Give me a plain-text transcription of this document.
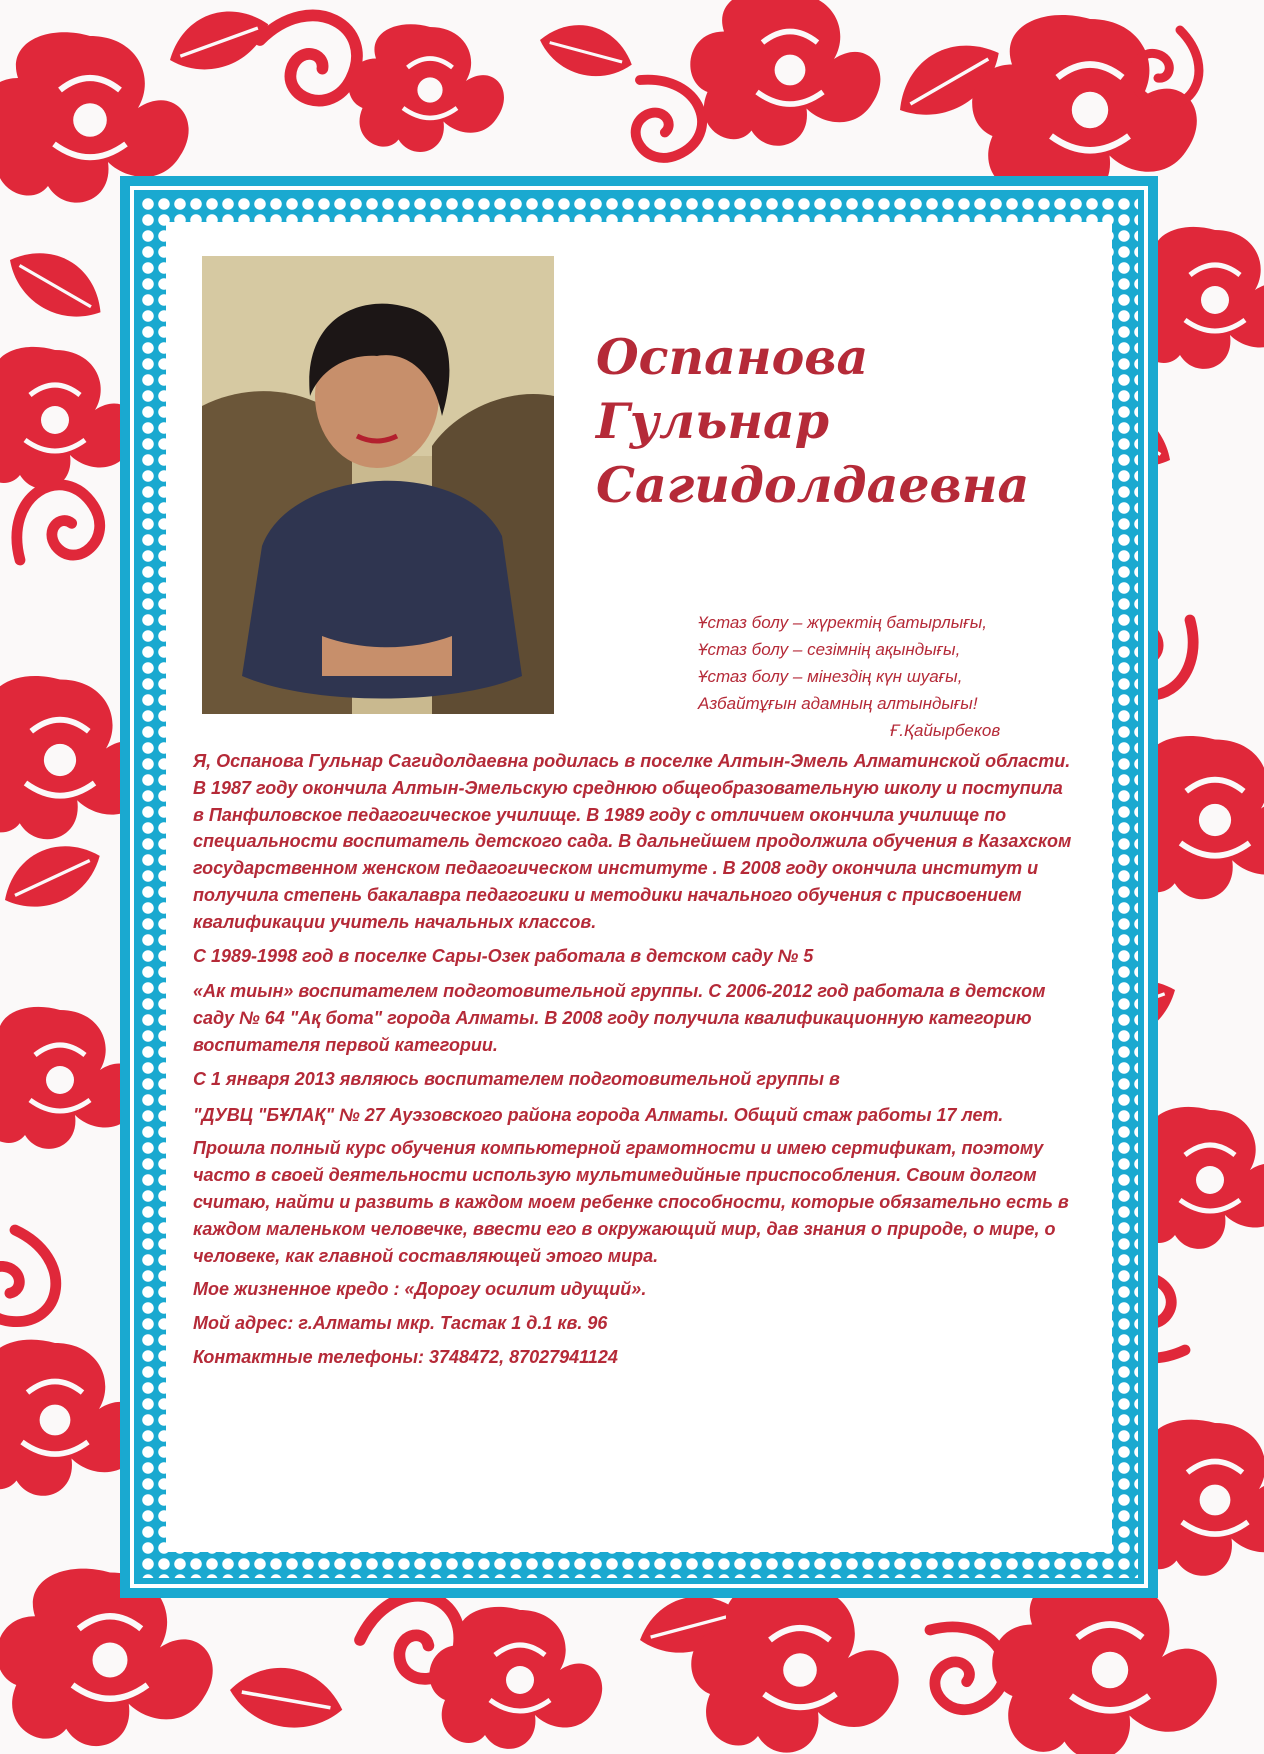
Оспанова
Гульнар
Сагидолдаевна
Ұстаз болу – жүректің батырлығы,
Ұстаз болу – сезімнің ақындығы,
Ұстаз болу – мінездің күн шуағы,
Азбайтұғын адамның алтындығы!
Ғ.Қайырбеков

Я, Оспанова Гульнар Сагидолдаевна родилась в поселке Алтын-Эмель Алматинской области. В 1987 году окончила Алтын-Эмельскую среднюю общеобразовательную школу и поступила в Панфиловское педагогическое училище. В 1989 году с отличием окончила училище по специальности воспитатель детского сада. В дальнейшем продолжила обучения в Казахском государственном женском педагогическом институте . В 2008 году окончила институт и получила степень бакалавра педагогики и методики начального обучения с присвоением квалификации учитель начальных классов.

С 1989-1998 год в поселке Сары-Озек работала в детском саду № 5

«Ак тиын» воспитателем подготовительной группы. С 2006-2012 год работала в детском саду № 64 "Ақ бота" города Алматы. В 2008 году получила квалификационную категорию воспитателя первой категории.

С 1 января 2013 являюсь воспитателем подготовительной группы в

"ДУВЦ "БҰЛАҚ" № 27 Ауэзовского района города Алматы. Общий стаж работы 17 лет.

Прошла полный курс обучения компьютерной грамотности и имею сертификат, поэтому часто в своей деятельности использую мультимедийные приспособления. Своим долгом считаю, найти и развить в каждом моем ребенке способности, которые обязательно есть в каждом маленьком человечке, ввести его в окружающий мир, дав знания о природе, о мире, о человеке, как главной составляющей этого мира.

Мое жизненное кредо : «Дорогу осилит идущий».

Мой адрес: г.Алматы мкр. Тастак 1 д.1 кв. 96

Контактные телефоны: 3748472, 87027941124
